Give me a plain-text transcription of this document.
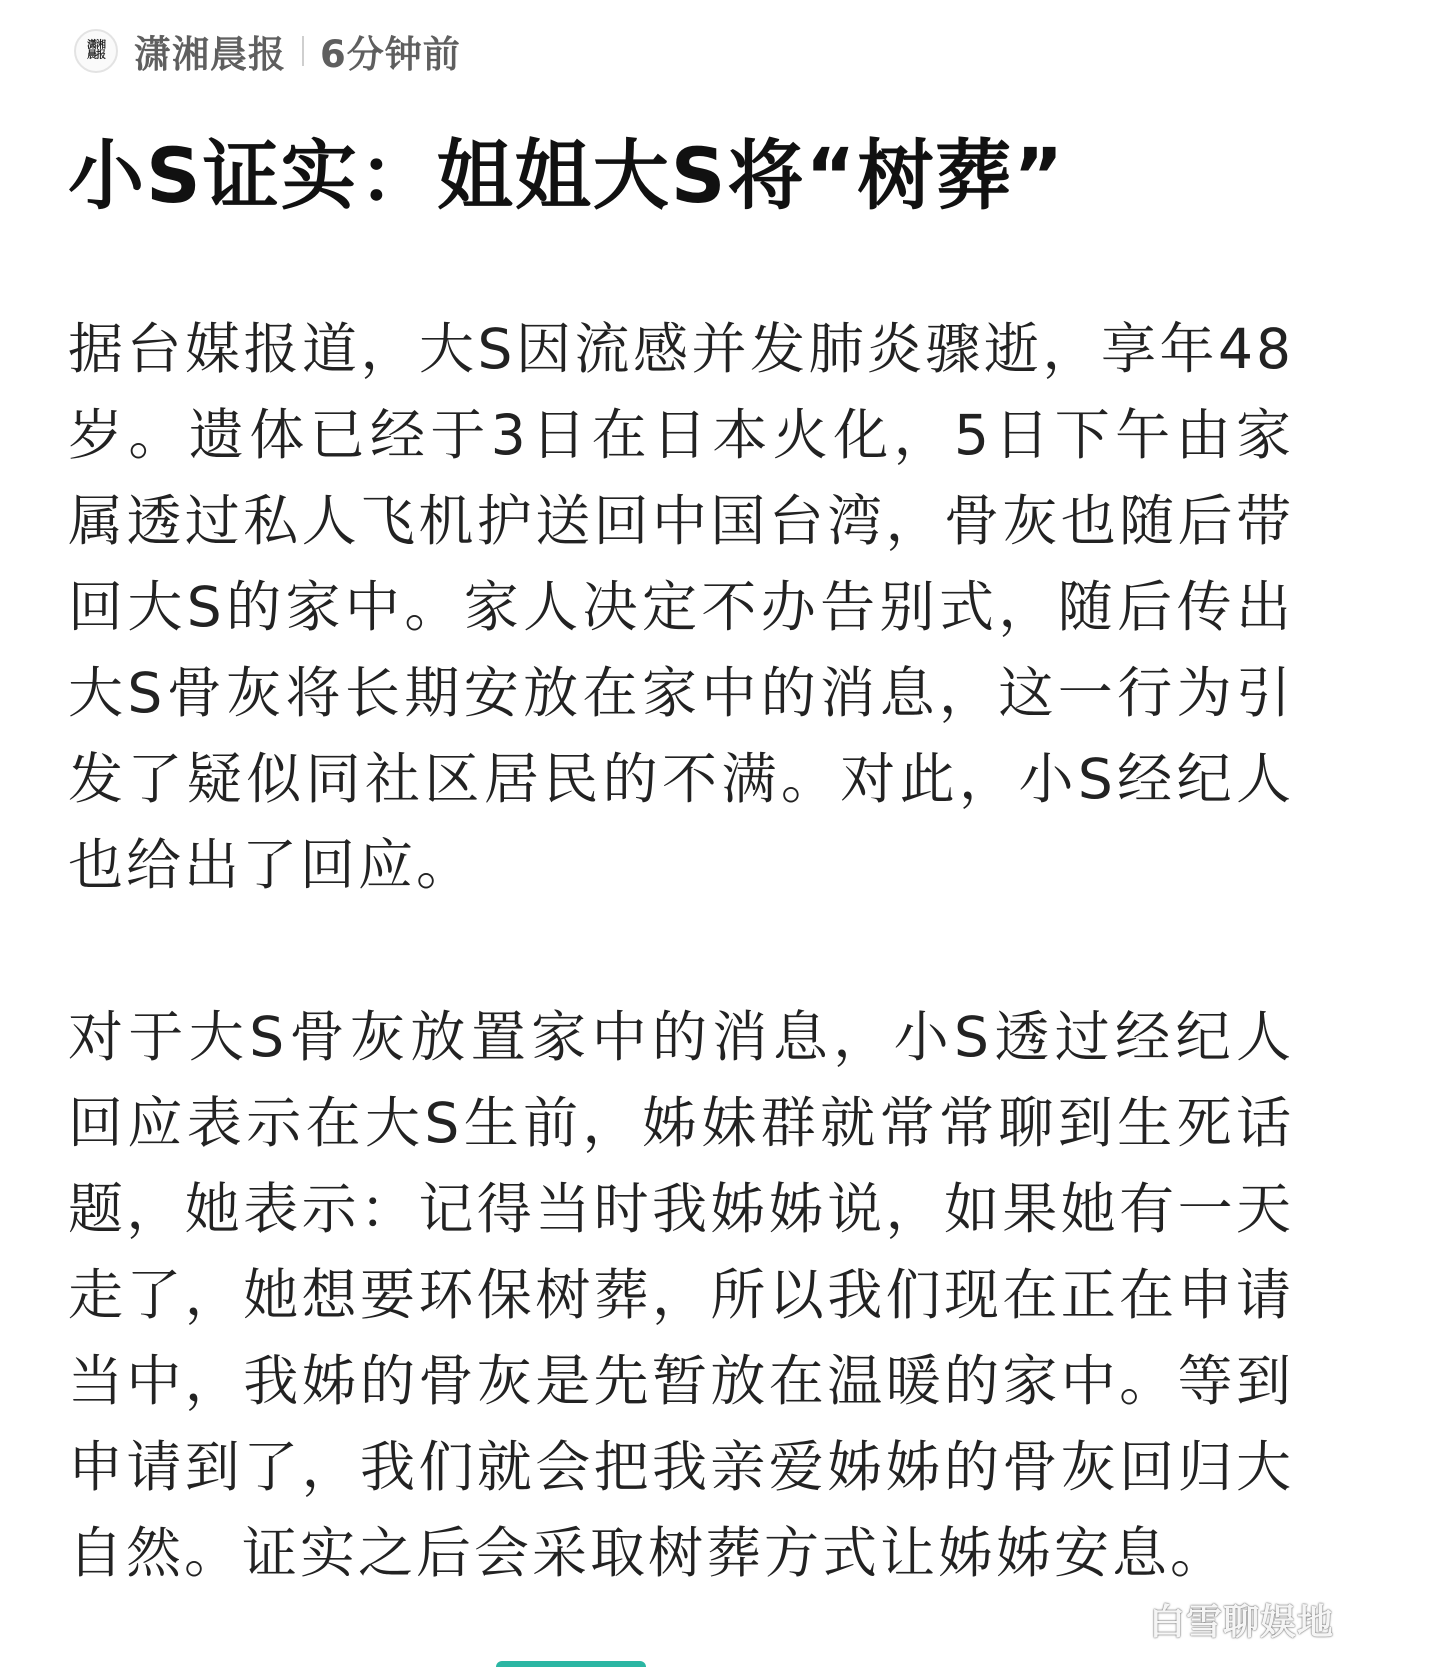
潇湘晨报 潇湘晨报 6分钟前
小S证实：姐姐大S将“树葬”

据台媒报道，大S因流感并发肺炎骤逝，享年48岁。遗体已经于3日在日本火化，5日下午由家属透过私人飞机护送回中国台湾，骨灰也随后带回大S的家中。家人决定不办告别式，随后传出大S骨灰将长期安放在家中的消息，这一行为引发了疑似同社区居民的不满。对此，小S经纪人也给出了回应。

对于大S骨灰放置家中的消息，小S透过经纪人回应表示在大S生前，姊妹群就常常聊到生死话题，她表示：记得当时我姊姊说，如果她有一天走了，她想要环保树葬，所以我们现在正在申请当中，我姊的骨灰是先暂放在温暖的家中。等到申请到了，我们就会把我亲爱姊姊的骨灰回归大自然。证实之后会采取树葬方式让姊姊安息。

白雪聊娱地
